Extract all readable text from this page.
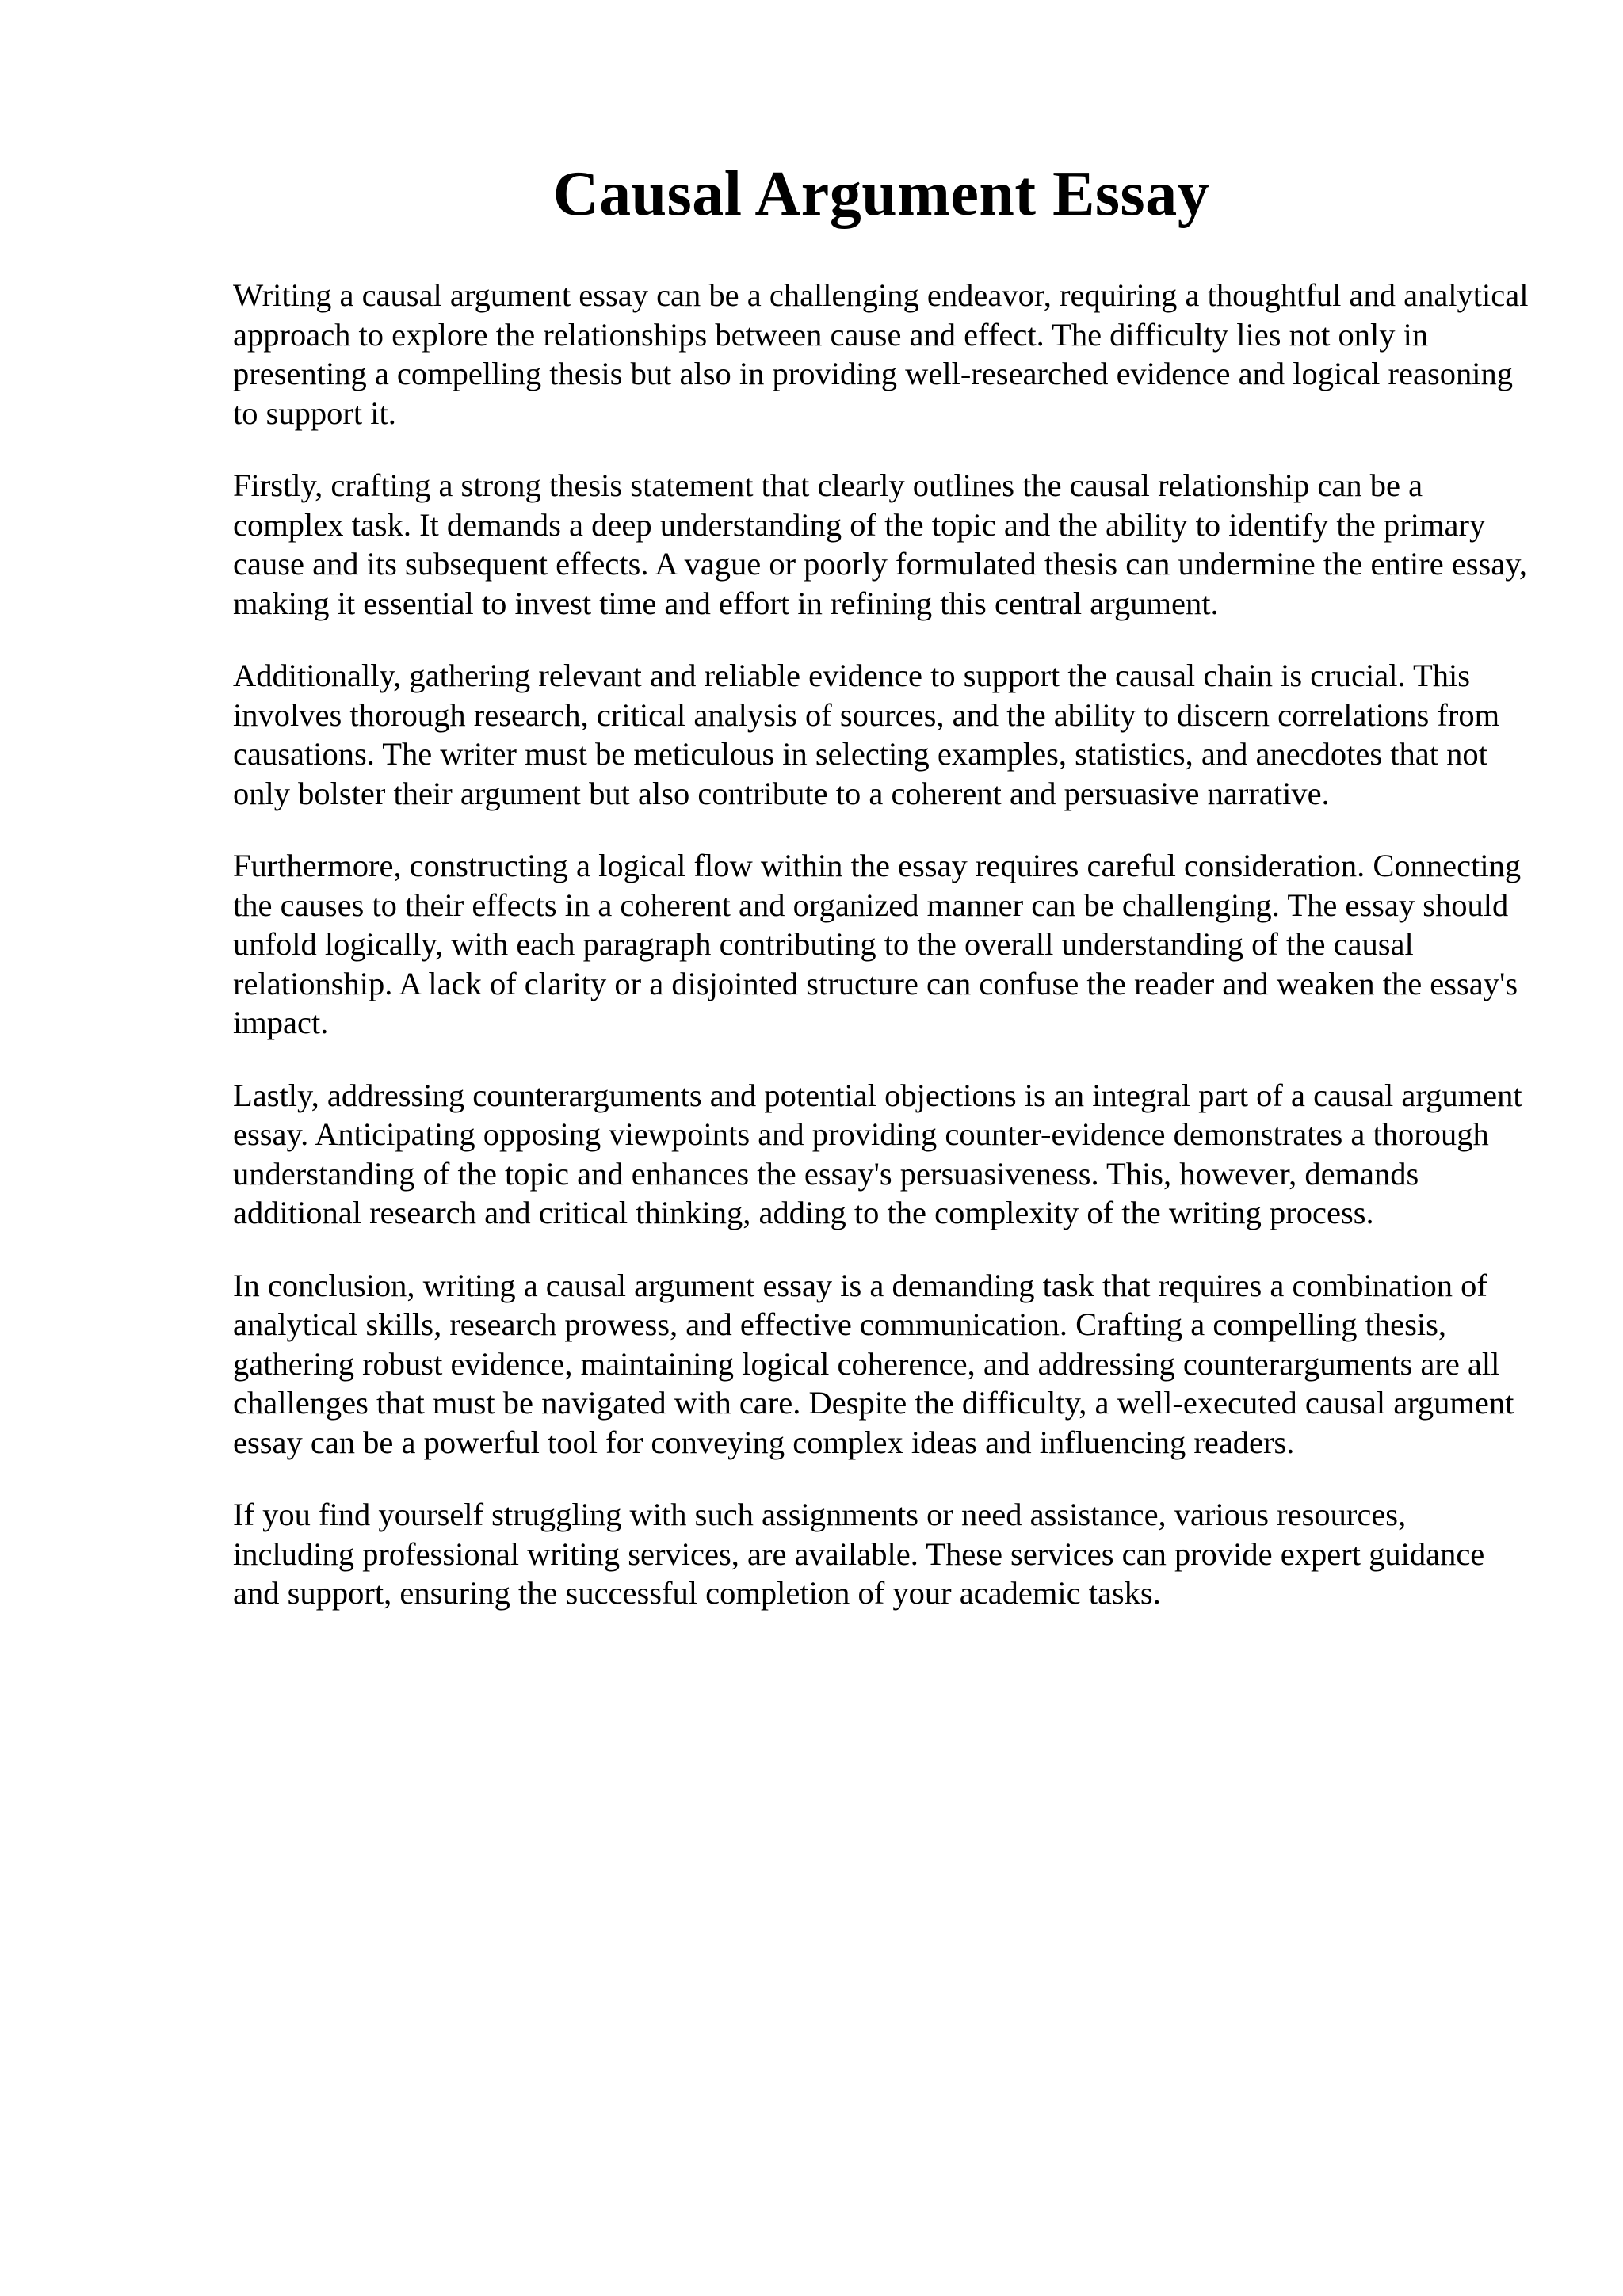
Causal Argument Essay

Writing a causal argument essay can be a challenging endeavor, requiring a thoughtful and analytical approach to explore the relationships between cause and effect. The difficulty lies not only in presenting a compelling thesis but also in providing well-researched evidence and logical reasoning to support it.

Firstly, crafting a strong thesis statement that clearly outlines the causal relationship can be a complex task. It demands a deep understanding of the topic and the ability to identify the primary cause and its subsequent effects. A vague or poorly formulated thesis can undermine the entire essay, making it essential to invest time and effort in refining this central argument.

Additionally, gathering relevant and reliable evidence to support the causal chain is crucial. This involves thorough research, critical analysis of sources, and the ability to discern correlations from causations. The writer must be meticulous in selecting examples, statistics, and anecdotes that not only bolster their argument but also contribute to a coherent and persuasive narrative.

Furthermore, constructing a logical flow within the essay requires careful consideration. Connecting the causes to their effects in a coherent and organized manner can be challenging. The essay should unfold logically, with each paragraph contributing to the overall understanding of the causal relationship. A lack of clarity or a disjointed structure can confuse the reader and weaken the essay's impact.

Lastly, addressing counterarguments and potential objections is an integral part of a causal argument essay. Anticipating opposing viewpoints and providing counter-evidence demonstrates a thorough understanding of the topic and enhances the essay's persuasiveness. This, however, demands additional research and critical thinking, adding to the complexity of the writing process.

In conclusion, writing a causal argument essay is a demanding task that requires a combination of analytical skills, research prowess, and effective communication. Crafting a compelling thesis, gathering robust evidence, maintaining logical coherence, and addressing counterarguments are all challenges that must be navigated with care. Despite the difficulty, a well-executed causal argument essay can be a powerful tool for conveying complex ideas and influencing readers.

If you find yourself struggling with such assignments or need assistance, various resources, including professional writing services, are available. These services can provide expert guidance and support, ensuring the successful completion of your academic tasks.
